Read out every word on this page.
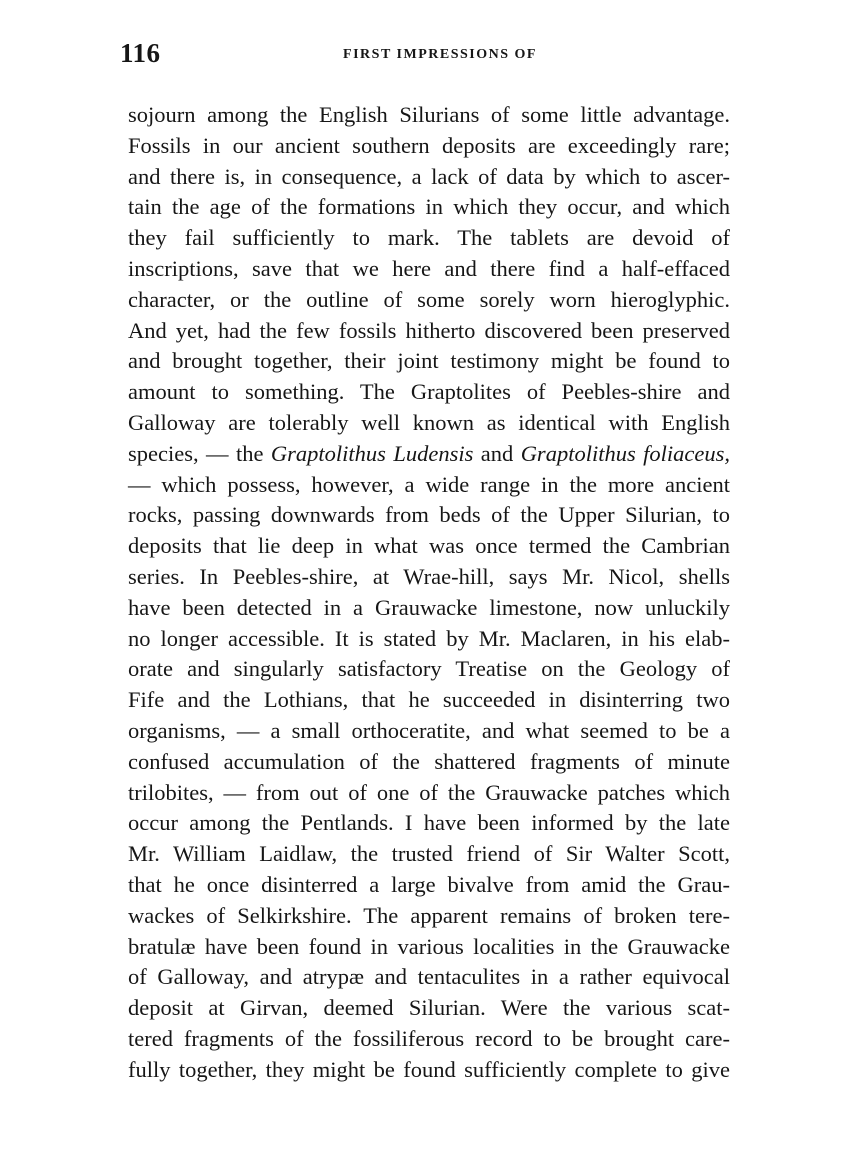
116	FIRST IMPRESSIONS OF
sojourn among the English Silurians of some little advantage.
Fossils in our ancient southern deposits are exceedingly rare;
and there is, in consequence, a lack of data by which to ascer-
tain the age of the formations in which they occur, and which
they fail sufficiently to mark. The tablets are devoid of
inscriptions, save that we here and there find a half-effaced
character, or the outline of some sorely worn hieroglyphic.
And yet, had the few fossils hitherto discovered been preserved
and brought together, their joint testimony might be found to
amount to something. The Graptolites of Peebles-shire and
Galloway are tolerably well known as identical with English
species, — the Graptolithus Ludensis and Graptolithus foliaceus,
— which possess, however, a wide range in the more ancient
rocks, passing downwards from beds of the Upper Silurian, to
deposits that lie deep in what was once termed the Cambrian
series. In Peebles-shire, at Wrae-hill, says Mr. Nicol, shells
have been detected in a Grauwacke limestone, now unluckily
no longer accessible. It is stated by Mr. Maclaren, in his elab-
orate and singularly satisfactory Treatise on the Geology of
Fife and the Lothians, that he succeeded in disinterring two
organisms, — a small orthoceratite, and what seemed to be a
confused accumulation of the shattered fragments of minute
trilobites, — from out of one of the Grauwacke patches which
occur among the Pentlands. I have been informed by the late
Mr. William Laidlaw, the trusted friend of Sir Walter Scott,
that he once disinterred a large bivalve from amid the Grau-
wackes of Selkirkshire. The apparent remains of broken tere-
bratulæ have been found in various localities in the Grauwacke
of Galloway, and atrypæ and tentaculites in a rather equivocal
deposit at Girvan, deemed Silurian. Were the various scat-
tered fragments of the fossiliferous record to be brought care-
fully together, they might be found sufficiently complete to give
